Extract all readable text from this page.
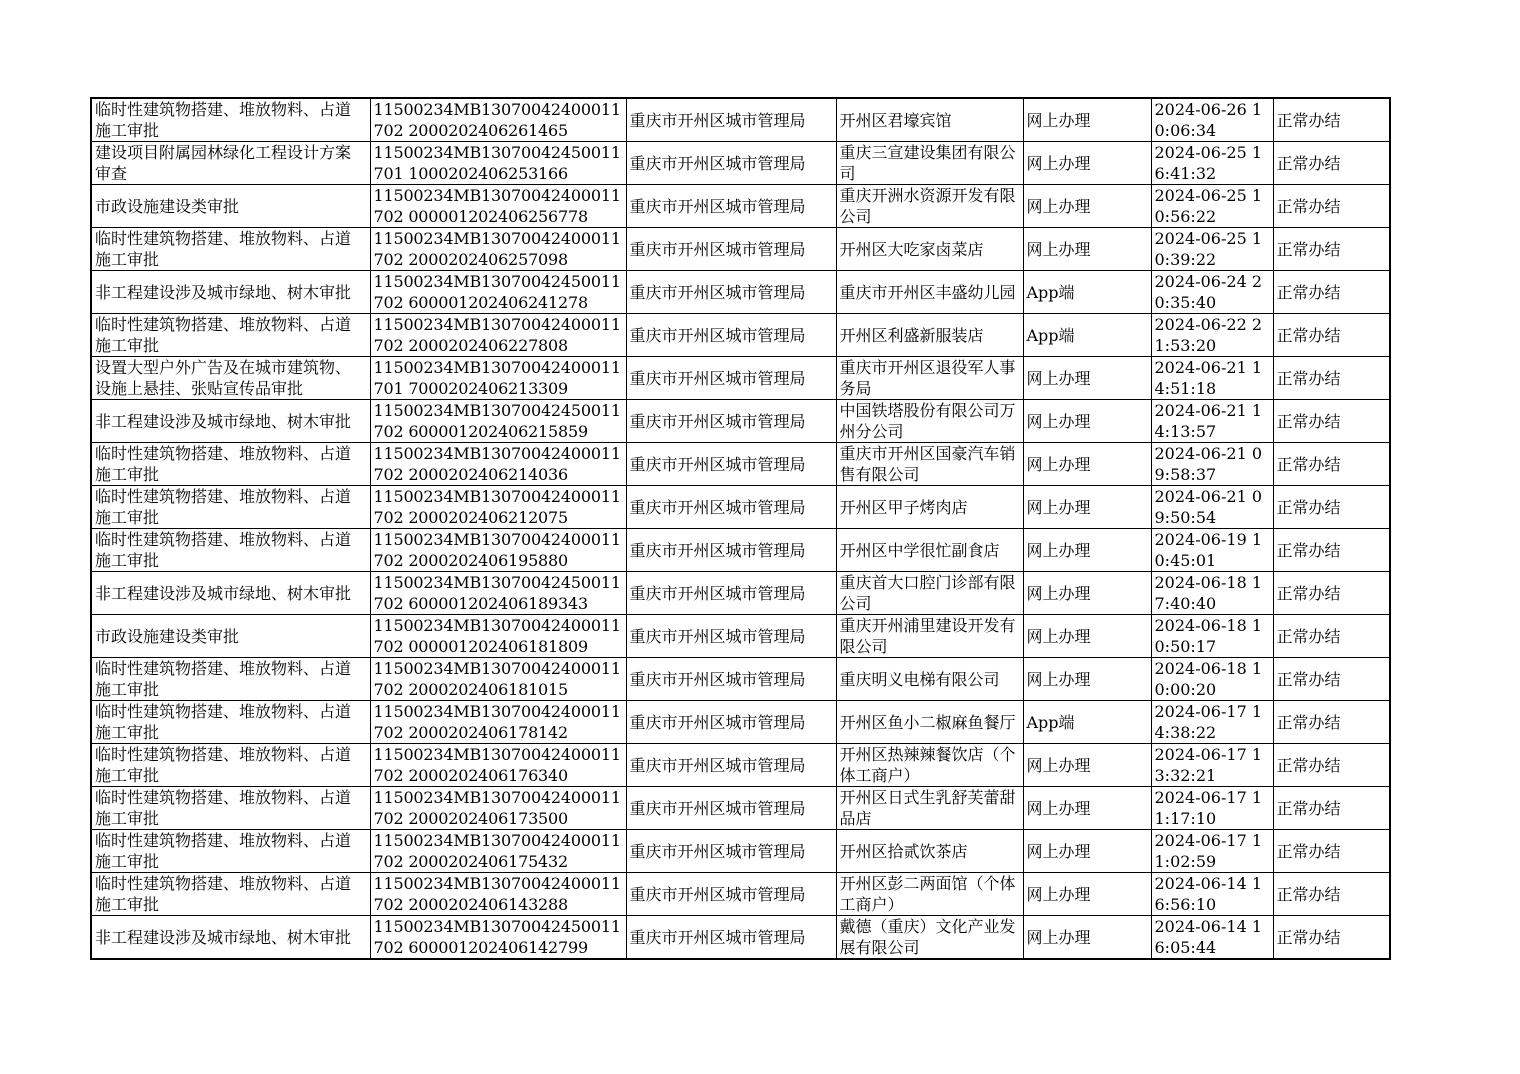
临时性建筑物搭建、堆放物料、占道施工审批	11500234MB13070042400011702 2000202406261465	重庆市开州区城市管理局	开州区君壕宾馆	网上办理	2024-06-26 10:06:34	正常办结
建设项目附属园林绿化工程设计方案审查	11500234MB13070042450011701 1000202406253166	重庆市开州区城市管理局	重庆三宣建设集团有限公司	网上办理	2024-06-25 16:41:32	正常办结
市政设施建设类审批	11500234MB13070042400011702 000001202406256778	重庆市开州区城市管理局	重庆开洲水资源开发有限公司	网上办理	2024-06-25 10:56:22	正常办结
临时性建筑物搭建、堆放物料、占道施工审批	11500234MB13070042400011702 2000202406257098	重庆市开州区城市管理局	开州区大吃家卤菜店	网上办理	2024-06-25 10:39:22	正常办结
非工程建设涉及城市绿地、树木审批	11500234MB13070042450011702 600001202406241278	重庆市开州区城市管理局	重庆市开州区丰盛幼儿园	App端	2024-06-24 20:35:40	正常办结
临时性建筑物搭建、堆放物料、占道施工审批	11500234MB13070042400011702 2000202406227808	重庆市开州区城市管理局	开州区利盛新服装店	App端	2024-06-22 21:53:20	正常办结
设置大型户外广告及在城市建筑物、设施上悬挂、张贴宣传品审批	11500234MB13070042400011701 7000202406213309	重庆市开州区城市管理局	重庆市开州区退役军人事务局	网上办理	2024-06-21 14:51:18	正常办结
非工程建设涉及城市绿地、树木审批	11500234MB13070042450011702 600001202406215859	重庆市开州区城市管理局	中国铁塔股份有限公司万州分公司	网上办理	2024-06-21 14:13:57	正常办结
临时性建筑物搭建、堆放物料、占道施工审批	11500234MB13070042400011702 2000202406214036	重庆市开州区城市管理局	重庆市开州区国豪汽车销售有限公司	网上办理	2024-06-21 09:58:37	正常办结
临时性建筑物搭建、堆放物料、占道施工审批	11500234MB13070042400011702 2000202406212075	重庆市开州区城市管理局	开州区甲子烤肉店	网上办理	2024-06-21 09:50:54	正常办结
临时性建筑物搭建、堆放物料、占道施工审批	11500234MB13070042400011702 2000202406195880	重庆市开州区城市管理局	开州区中学很忙副食店	网上办理	2024-06-19 10:45:01	正常办结
非工程建设涉及城市绿地、树木审批	11500234MB13070042450011702 600001202406189343	重庆市开州区城市管理局	重庆首大口腔门诊部有限公司	网上办理	2024-06-18 17:40:40	正常办结
市政设施建设类审批	11500234MB13070042400011702 000001202406181809	重庆市开州区城市管理局	重庆开州浦里建设开发有限公司	网上办理	2024-06-18 10:50:17	正常办结
临时性建筑物搭建、堆放物料、占道施工审批	11500234MB13070042400011702 2000202406181015	重庆市开州区城市管理局	重庆明义电梯有限公司	网上办理	2024-06-18 10:00:20	正常办结
临时性建筑物搭建、堆放物料、占道施工审批	11500234MB13070042400011702 2000202406178142	重庆市开州区城市管理局	开州区鱼小二椒麻鱼餐厅	App端	2024-06-17 14:38:22	正常办结
临时性建筑物搭建、堆放物料、占道施工审批	11500234MB13070042400011702 2000202406176340	重庆市开州区城市管理局	开州区热辣辣餐饮店（个体工商户）	网上办理	2024-06-17 13:32:21	正常办结
临时性建筑物搭建、堆放物料、占道施工审批	11500234MB13070042400011702 2000202406173500	重庆市开州区城市管理局	开州区日式生乳舒芙蕾甜品店	网上办理	2024-06-17 11:17:10	正常办结
临时性建筑物搭建、堆放物料、占道施工审批	11500234MB13070042400011702 2000202406175432	重庆市开州区城市管理局	开州区拾贰饮茶店	网上办理	2024-06-17 11:02:59	正常办结
临时性建筑物搭建、堆放物料、占道施工审批	11500234MB13070042400011702 2000202406143288	重庆市开州区城市管理局	开州区彭二两面馆（个体工商户）	网上办理	2024-06-14 16:56:10	正常办结
非工程建设涉及城市绿地、树木审批	11500234MB13070042450011702 600001202406142799	重庆市开州区城市管理局	戴德（重庆）文化产业发展有限公司	网上办理	2024-06-14 16:05:44	正常办结
